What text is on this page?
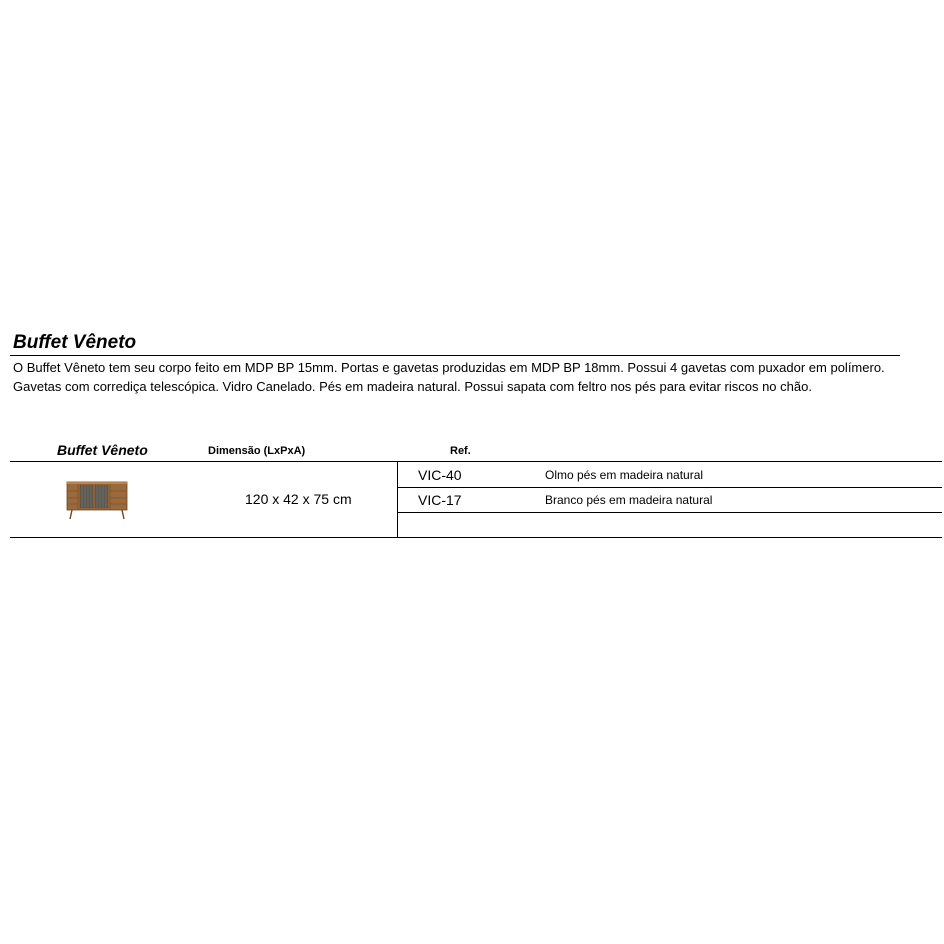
Buffet Vêneto

O Buffet Vêneto tem seu corpo feito em MDP BP 15mm. Portas e gavetas produzidas em MDP BP 18mm. Possui 4 gavetas com puxador em polímero.
Gavetas com corrediça telescópica. Vidro Canelado. Pés em madeira natural. Possui sapata com feltro nos pés para evitar riscos no chão.

Buffet Vêneto	Dimensão (LxPxA)	Ref.
120 x 42 x 75 cm
VIC-40	Olmo pés em madeira natural
VIC-17	Branco pés em madeira natural
